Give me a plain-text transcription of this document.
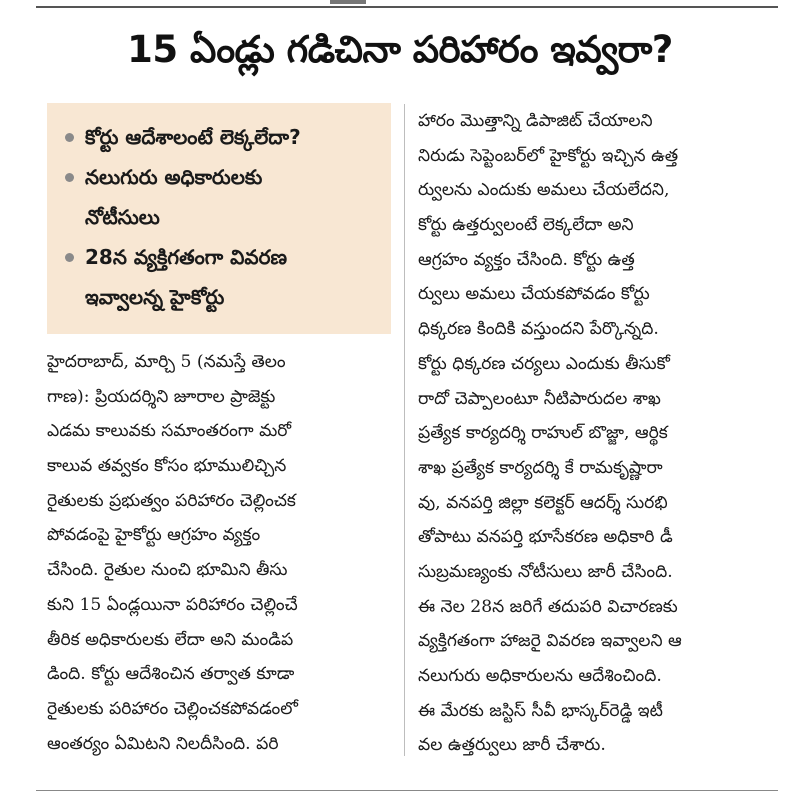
15 ఏండ్లు గడిచినా పరిహారం ఇవ్వరా?
కోర్టు ఆదేశాలంటే లెక్కలేదా?
నలుగురు అధికారులకు
నోటీసులు
28న వ్యక్తిగతంగా వివరణ
ఇవ్వాలన్న హైకోర్టు
హైదరాబాద్, మార్చి 5 (నమస్తే తెలం
గాణ): ప్రియదర్శిని జూరాల ప్రాజెక్టు
ఎడమ కాలువకు సమాంతరంగా మరో
కాలువ తవ్వకం కోసం భూములిచ్చిన
రైతులకు ప్రభుత్వం పరిహారం చెల్లించక
పోవడంపై హైకోర్టు ఆగ్రహం వ్యక్తం
చేసింది. రైతుల నుంచి భూమిని తీసు
కుని 15 ఏండ్లయినా పరిహారం చెల్లించే
తీరిక అధికారులకు లేదా అని మండిప
డింది. కోర్టు ఆదేశించిన తర్వాత కూడా
రైతులకు పరిహారం చెల్లించకపోవడంలో
ఆంతర్యం ఏమిటని నిలదీసింది. పరి
హారం మొత్తాన్ని డిపాజిట్ చేయాలని
నిరుడు సెప్టెంబర్‌లో హైకోర్టు ఇచ్చిన ఉత్త
ర్వులను ఎందుకు అమలు చేయలేదని,
కోర్టు ఉత్తర్వులంటే లెక్కలేదా అని
ఆగ్రహం వ్యక్తం చేసింది. కోర్టు ఉత్త
ర్వులు అమలు చేయకపోవడం కోర్టు
ధిక్కరణ కిందికి వస్తుందని పేర్కొన్నది.
కోర్టు ధిక్కరణ చర్యలు ఎందుకు తీసుకో
రాదో చెప్పాలంటూ నీటిపారుదల శాఖ
ప్రత్యేక కార్యదర్శి రాహుల్ బొజ్జా, ఆర్థిక
శాఖ ప్రత్యేక కార్యదర్శి కే రామకృష్ణారా
వు, వనపర్తి జిల్లా కలెక్టర్ ఆదర్శ్ సురభి
తోపాటు వనపర్తి భూసేకరణ అధికారి డీ
సుబ్రమణ్యంకు నోటీసులు జారీ చేసింది.
ఈ నెల 28న జరిగే తదుపరి విచారణకు
వ్యక్తిగతంగా హాజరై వివరణ ఇవ్వాలని ఆ
నలుగురు అధికారులను ఆదేశించింది.
ఈ మేరకు జస్టిస్ సీవీ భాస్కర్‌రెడ్డి ఇటీ
వల ఉత్తర్వులు జారీ చేశారు.
